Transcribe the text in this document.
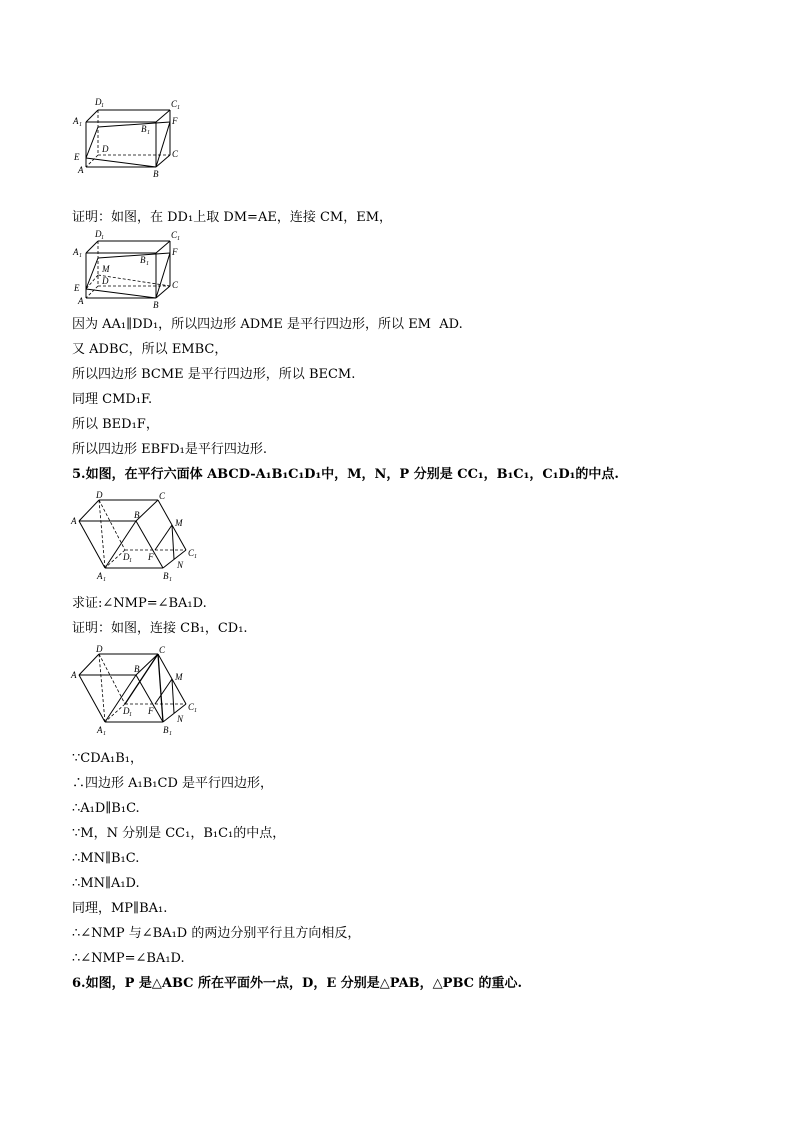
D 1	C 1
A 1	B 1
F
C
D
E
A	B
证明：如图，在 DD₁上取 DM=AE，连接 CM，EM，
D 1	C 1
A 1	B 1
F
M
D	C
E
A	B
因为 AA₁∥DD₁，所以四边形 ADME 是平行四边形，所以 EM ￼ AD.
又 AD￼BC，所以 EM￼BC，
所以四边形 BCME 是平行四边形，所以 BE￼CM.
同理 CM￼D₁F.
所以 BE￼D₁F，
所以四边形 EBFD₁是平行四边形.
5.如图，在平行六面体 ABCD-A₁B₁C₁D₁中，M，N，P 分别是 CC₁，B₁C₁，C₁D₁的中点.
D	C
A
B
M
D 1 F	C 1
N
A 1	B 1
求证:∠NMP=∠BA₁D.
证明：如图，连接 CB₁，CD₁.
D	C
A
B
M
D 1 F	C 1
N
A 1	B 1
∵CD￼A₁B₁，
∴四边形 A₁B₁CD 是平行四边形，
∴A₁D∥B₁C.
∵M，N 分别是 CC₁，B₁C₁的中点，
∴MN∥B₁C.
∴MN∥A₁D.
同理，MP∥BA₁.
∴∠NMP 与∠BA₁D 的两边分别平行且方向相反，
∴∠NMP=∠BA₁D.
6.如图，P 是△ABC 所在平面外一点，D，E 分别是△PAB，△PBC 的重心.
